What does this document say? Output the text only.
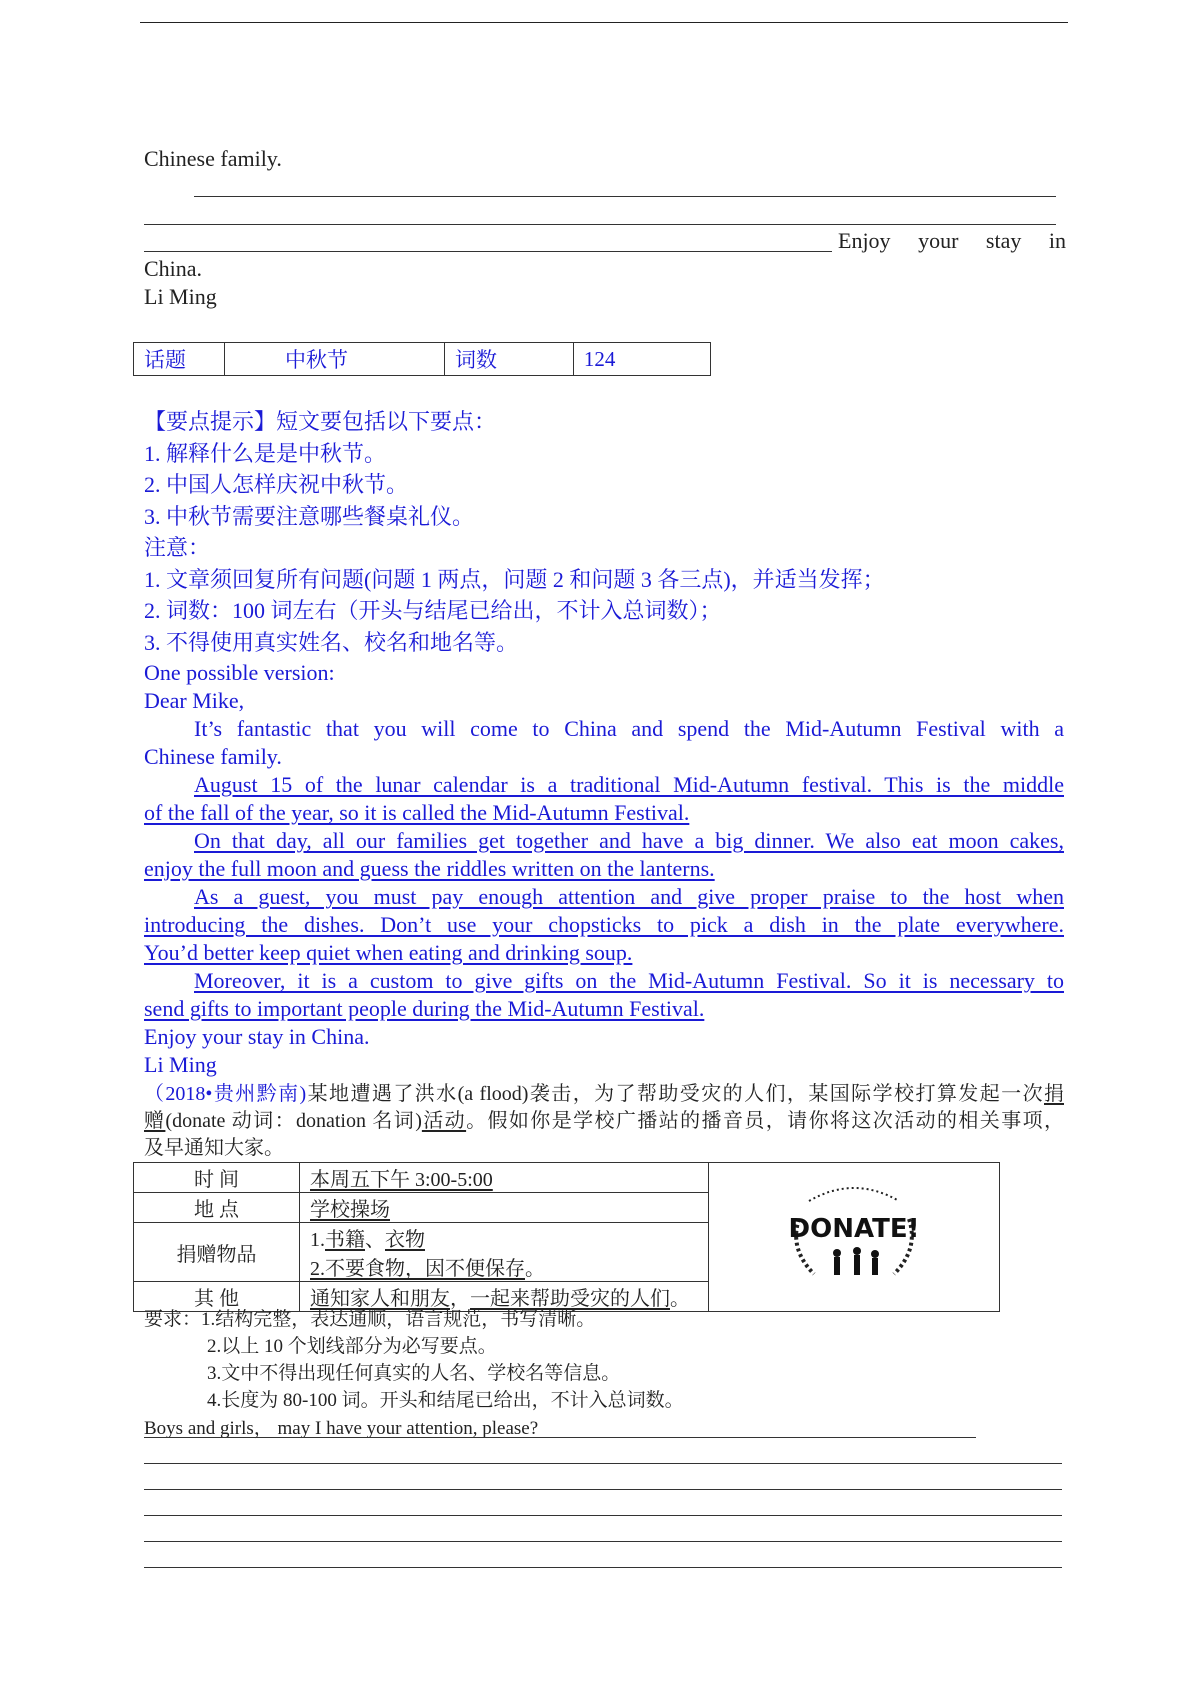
Chinese family.
Enjoy your stay in
China.
Li Ming
话题	中秋节	词数	124
【要点提示】短文要包括以下要点：
1. 解释什么是是中秋节。
2. 中国人怎样庆祝中秋节。
3. 中秋节需要注意哪些餐桌礼仪。
注意：
1. 文章须回复所有问题(问题 1 两点，问题 2 和问题 3 各三点)，并适当发挥；
2. 词数：100 词左右（开头与结尾已给出，不计入总词数）；
3. 不得使用真实姓名、校名和地名等。
One possible version:
Dear Mike,
It’s fantastic that you will come to China and spend the Mid-Autumn Festival with a
Chinese family.
August 15 of the lunar calendar is a traditional Mid-Autumn festival. This is the middle
of the fall of the year, so it is called the Mid-Autumn Festival.
On that day, all our families get together and have a big dinner. We also eat moon cakes,
enjoy the full moon and guess the riddles written on the lanterns.
As a guest, you must pay enough attention and give proper praise to the host when
introducing the dishes. Don’t use your chopsticks to pick a dish in the plate everywhere.
You’d better keep quiet when eating and drinking soup.
Moreover, it is a custom to give gifts on the Mid-Autumn Festival. So it is necessary to
send gifts to important people during the Mid-Autumn Festival.
Enjoy your stay in China.
Li Ming
（2018•贵州黔南)某地遭遇了洪水(a flood)袭击，为了帮助受灾的人们，某国际学校打算发起一次捐
赠(donate 动词：donation 名词)活动。假如你是学校广播站的播音员，请你将这次活动的相关事项，
及早通知大家。
时 间	本周五下午 3:00-5:00	DONATE!

地 点	学校操场	
捐赠物品	1.书籍、衣物	
	2.不要食物，因不便保存。	
其 他	通知家人和朋友，一起来帮助受灾的人们。	
要求：1.结构完整，表达通顺，语言规范，书写清晰。
2.以上 10 个划线部分为必写要点。
3.文中不得出现任何真实的人名、学校名等信息。
4.长度为 80-100 词。开头和结尾已给出，不计入总词数。
Boys and girls， may I have your attention, please?
